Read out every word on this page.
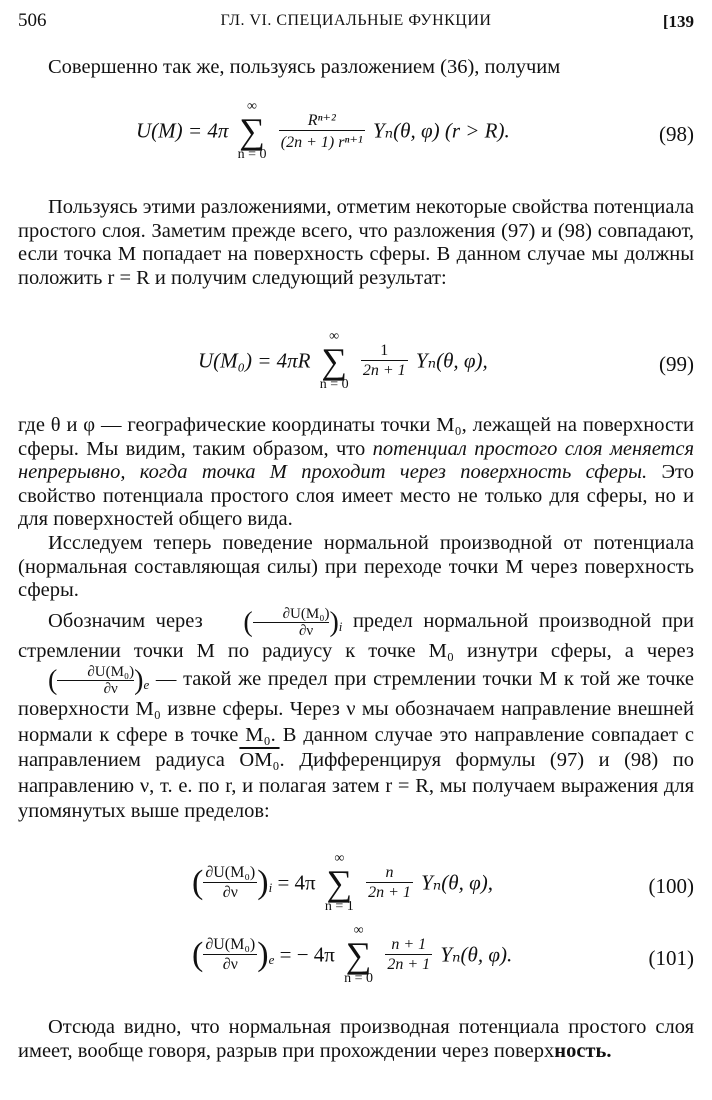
506	ГЛ. VI. СПЕЦИАЛЬНЫЕ ФУНКЦИИ	[139
Совершенно так же, пользуясь разложением (36), получим
U(M) = 4π
∞
∑
n = 0

$\frac{\text{Rⁿ⁺²}}{\text{(2n + 1) rⁿ⁺¹}} Y_n(\theta$, φ) (r > R).	(98)
Пользуясь этими разложениями, отметим некоторые свойства потенциала простого слоя. Заметим прежде всего, что разложения (97) и (98) совпадают, если точка M попадает на поверхность сферы. В данном случае мы должны положить r = R и получим следующий результат:
U(M₀) = 4πR
∞
∑
n = 0

$\frac{1}{2n + 1} Y_n(\theta$, φ),	(99)
где θ и φ — географические координаты точки M₀, лежащей на поверхности сферы. Мы видим, таким образом, что потенциал простого слоя меняется непрерывно, когда точка M проходит через поверхность сферы. Это свойство потенциала простого слоя имеет место не только для сферы, но и для поверхностей общего вида.
Исследуем теперь поведение нормальной производной от потенциала (нормальная составляющая силы) при переходе точки M через поверхность сферы.
Обозначим через $(\frac{\text{∂U(M₀)}}{\partial\nu} )_i$ предел нормальной производной при стремлении точки M по радиусу к точке M₀ изнутри сферы, а через $(\frac{\text{∂U(M₀)}}{\partial\nu} )_e$ — такой же предел при стремлении точки M к той же точке поверхности M₀ извне сферы. Через ν мы обозначаем направление внешней нормали к сфере в точке M₀. В данном случае это направление совпадает с направлением радиуса OM₀. Дифференцируя формулы (97) и (98) по направлению ν, т. е. по r, и полагая затем r = R, мы получаем выражения для упомянутых выше пределов:
( $\frac{\text{∂U(M₀)}}{\partial\nu} )_i = 4\pi$
∞
∑
n = 1

$\frac{n}{2n + 1} Y_n(\theta$, φ),	(100)
( $\frac{\text{∂U(M₀)}}{\partial\nu} )_e$ = − 4π
∞
∑
n = 0

$\frac{n + 1}{2n + 1} Y_n(\theta$, φ).	(101)
Отсюда видно, что нормальная производная потенциала простого слоя имеет, вообще говоря, разрыв при прохождении через поверхность.
